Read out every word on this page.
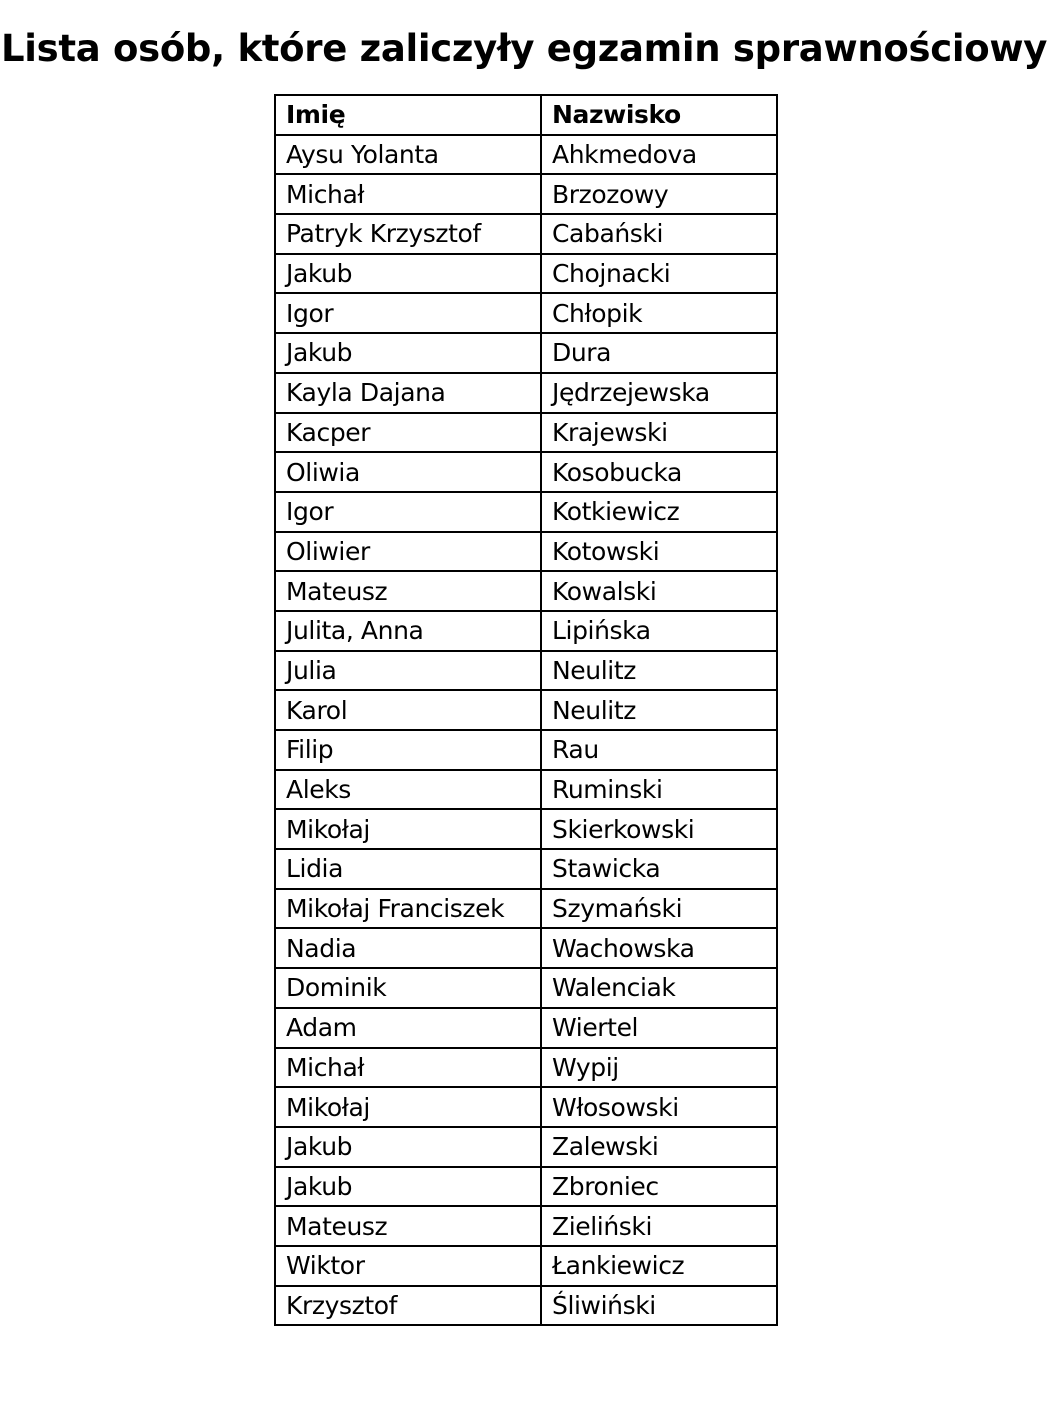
Lista osób, które zaliczyły egzamin sprawnościowy
Imię	Nazwisko
Aysu Yolanta	Ahkmedova
Michał	Brzozowy
Patryk Krzysztof	Cabański
Jakub	Chojnacki
Igor	Chłopik
Jakub	Dura
Kayla Dajana	Jędrzejewska
Kacper	Krajewski
Oliwia	Kosobucka
Igor	Kotkiewicz
Oliwier	Kotowski
Mateusz	Kowalski
Julita, Anna	Lipińska
Julia	Neulitz
Karol	Neulitz
Filip	Rau
Aleks	Ruminski
Mikołaj	Skierkowski
Lidia	Stawicka
Mikołaj Franciszek	Szymański
Nadia	Wachowska
Dominik	Walenciak
Adam	Wiertel
Michał	Wypij
Mikołaj	Włosowski
Jakub	Zalewski
Jakub	Zbroniec
Mateusz	Zieliński
Wiktor	Łankiewicz
Krzysztof	Śliwiński
